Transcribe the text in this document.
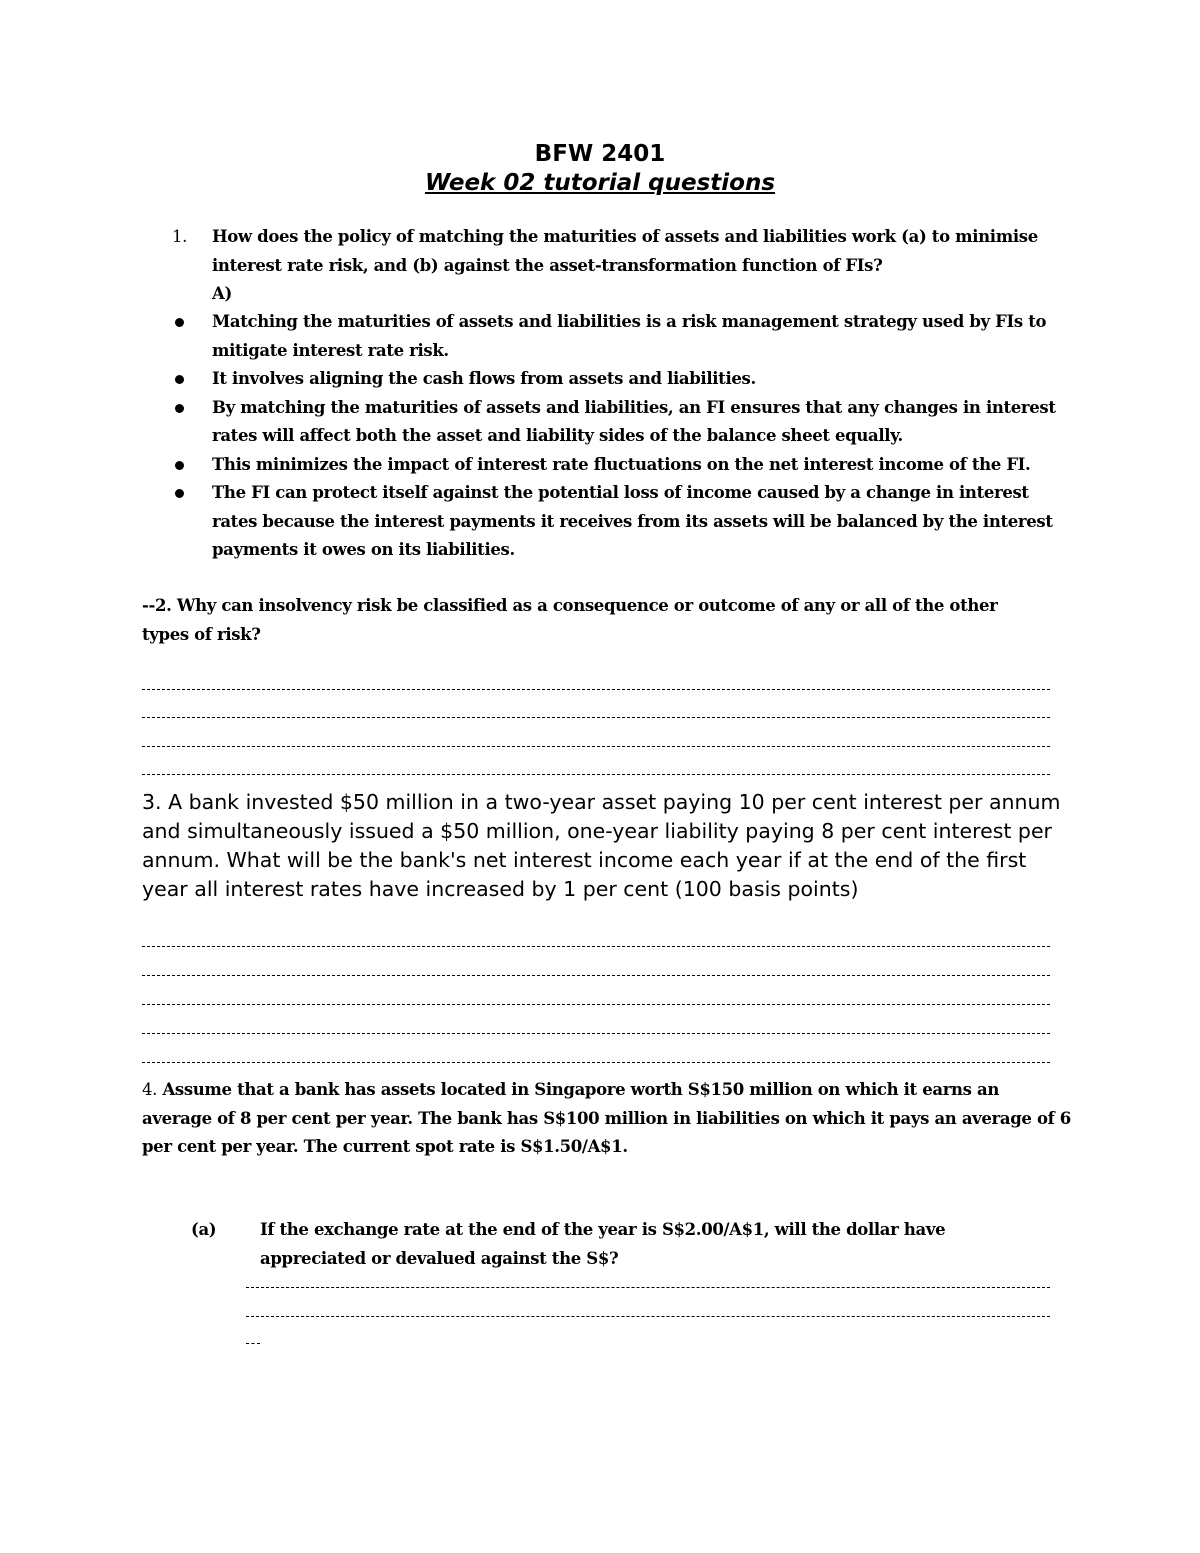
BFW 2401
Week 02 tutorial questions
1. How does the policy of matching the maturities of assets and liabilities work (a) to minimise interest rate risk, and (b) against the asset-transformation function of FIs?
A)
Matching the maturities of assets and liabilities is a risk management strategy used by FIs to mitigate interest rate risk.
It involves aligning the cash flows from assets and liabilities.
By matching the maturities of assets and liabilities, an FI ensures that any changes in interest rates will affect both the asset and liability sides of the balance sheet equally.
This minimizes the impact of interest rate fluctuations on the net interest income of the FI.
The FI can protect itself against the potential loss of income caused by a change in interest rates because the interest payments it receives from its assets will be balanced by the interest payments it owes on its liabilities.
--2. Why can insolvency risk be classified as a consequence or outcome of any or all of the other types of risk?
3. A bank invested $50 million in a two-year asset paying 10 per cent interest per annum and simultaneously issued a $50 million, one-year liability paying 8 per cent interest per annum. What will be the bank's net interest income each year if at the end of the first year all interest rates have increased by 1 per cent (100 basis points)
4. Assume that a bank has assets located in Singapore worth S$150 million on which it earns an average of 8 per cent per year. The bank has S$100 million in liabilities on which it pays an average of 6 per cent per year. The current spot rate is S$1.50/A$1.
(a)	If the exchange rate at the end of the year is S$2.00/A$1, will the dollar have appreciated or devalued against the S$?
